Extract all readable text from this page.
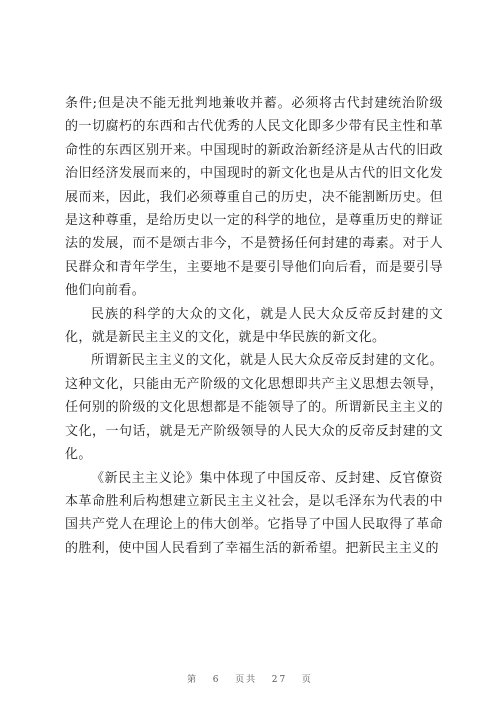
条件;但是决不能无批判地兼收并蓄。必须将古代封建统治阶级的一切腐朽的东西和古代优秀的人民文化即多少带有民主性和革命性的东西区别开来。中国现时的新政治新经济是从古代的旧政治旧经济发展而来的，中国现时的新文化也是从古代的旧文化发展而来，因此，我们必须尊重自己的历史，决不能割断历史。但是这种尊重，是给历史以一定的科学的地位，是尊重历史的辩证法的发展，而不是颂古非今，不是赞扬任何封建的毒素。对于人民群众和青年学生，主要地不是要引导他们向后看，而是要引导他们向前看。

民族的科学的大众的文化，就是人民大众反帝反封建的文化，就是新民主主义的文化，就是中华民族的新文化。

所谓新民主主义的文化，就是人民大众反帝反封建的文化。这种文化，只能由无产阶级的文化思想即共产主义思想去领导，任何别的阶级的文化思想都是不能领导了的。所谓新民主主义的文化，一句话，就是无产阶级领导的人民大众的反帝反封建的文化。

《新民主主义论》集中体现了中国反帝、反封建、反官僚资本革命胜利后构想建立新民主主义社会，是以毛泽东为代表的中国共产党人在理论上的伟大创举。它指导了中国人民取得了革命的胜利，使中国人民看到了幸福生活的新希望。把新民主主义的

第 6 页共 27 页
